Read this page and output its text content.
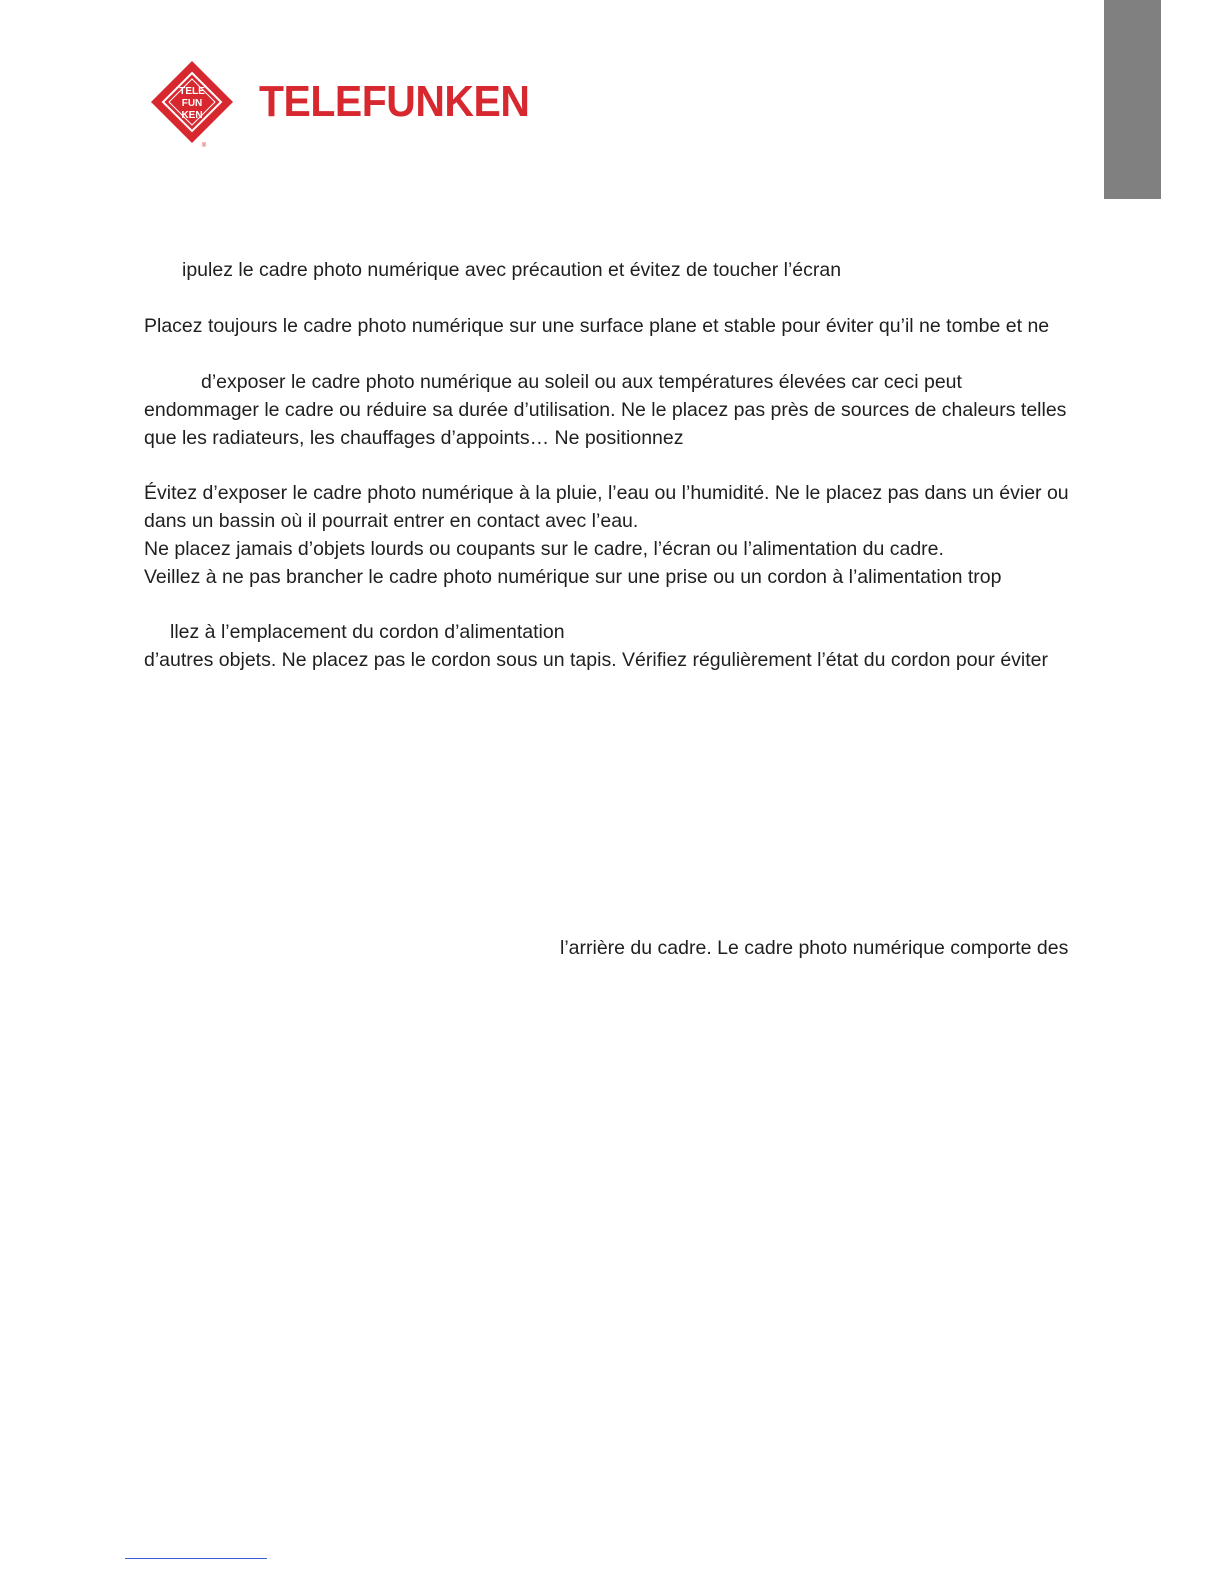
TELE
FUN
KEN
®
TELEFUNKEN
ipulez le cadre photo numérique avec précaution et évitez de toucher l’écran
Placez toujours le cadre photo numérique sur une surface plane et stable pour éviter qu’il ne tombe et ne
d’exposer le cadre photo numérique au soleil ou aux températures élevées car ceci peut
endommager le cadre ou réduire sa durée d’utilisation. Ne le placez pas près de sources de chaleurs telles
que les radiateurs, les chauffages d’appoints… Ne positionnez
Évitez d’exposer le cadre photo numérique à la pluie, l’eau ou l’humidité. Ne le placez pas dans un évier ou
dans un bassin où il pourrait entrer en contact avec l’eau.
Ne placez jamais d’objets lourds ou coupants sur le cadre, l’écran ou l’alimentation du cadre.
Veillez à ne pas brancher le cadre photo numérique sur une prise ou un cordon à l’alimentation trop
llez à l’emplacement du cordon d’alimentation
d’autres objets. Ne placez pas le cordon sous un tapis. Vérifiez régulièrement l’état du cordon pour éviter
l’arrière du cadre. Le cadre photo numérique comporte des
